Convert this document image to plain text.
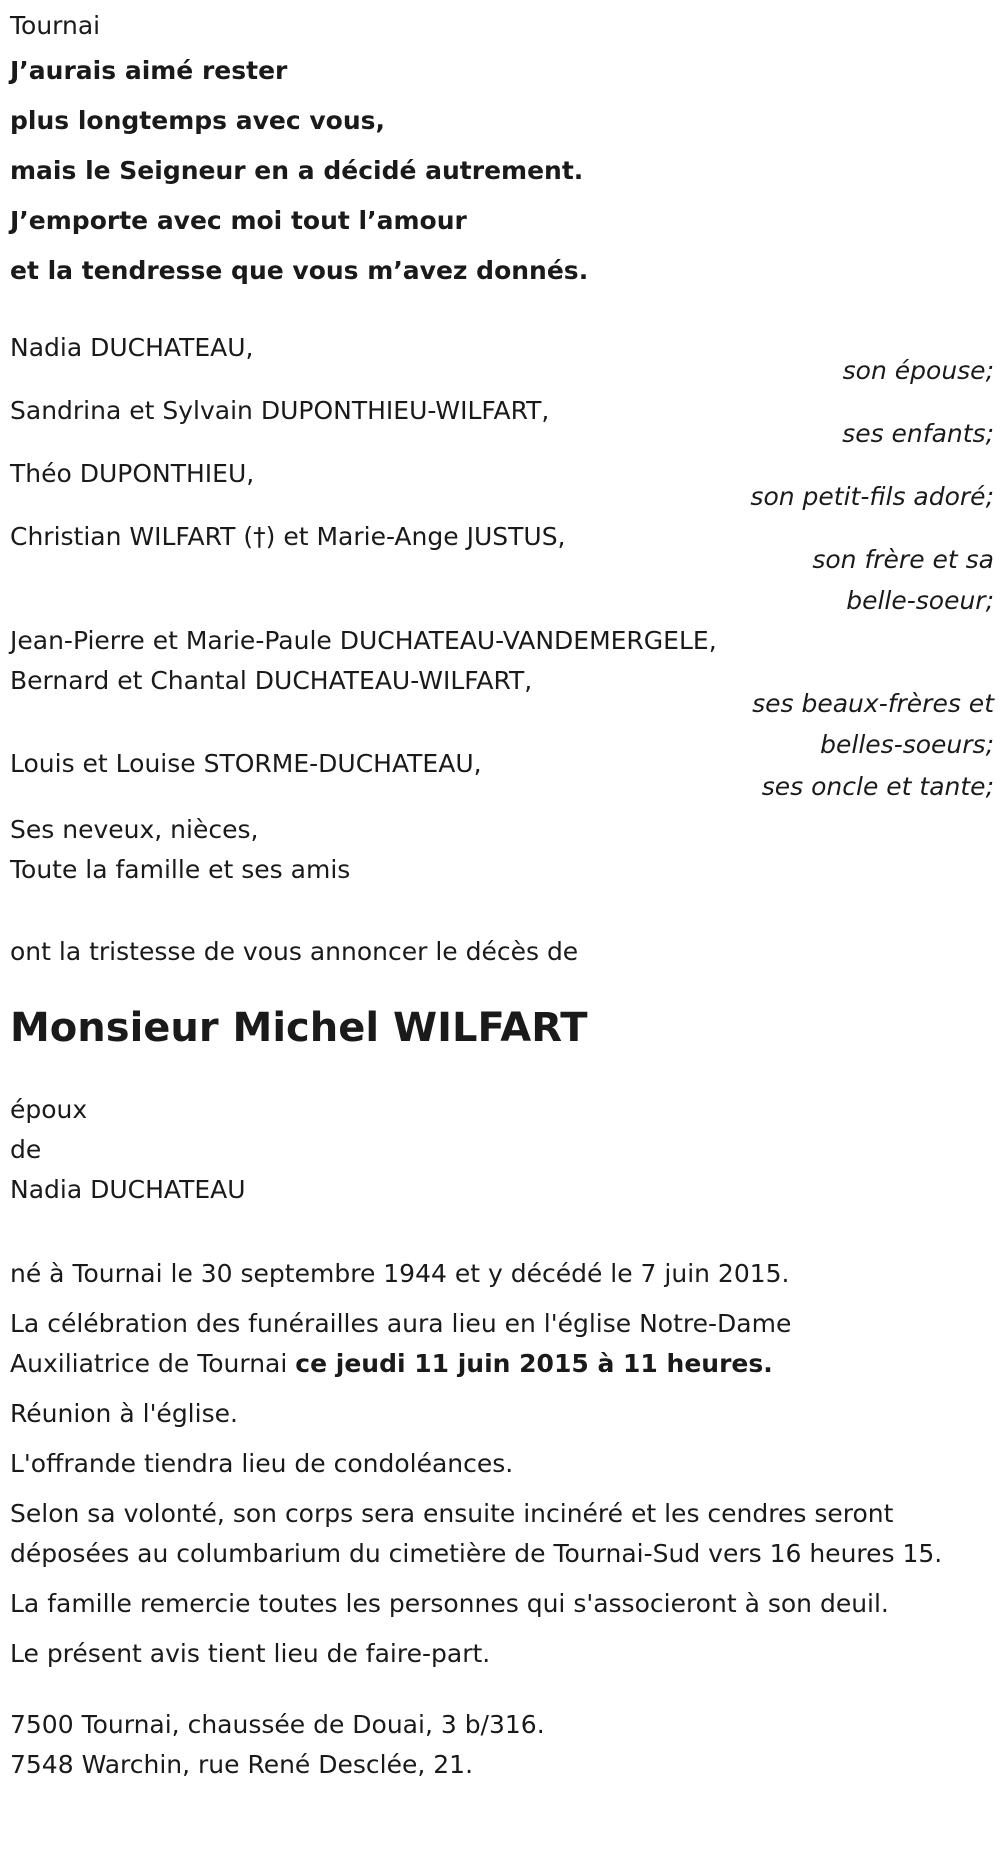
Tournai
J’aurais aimé rester
plus longtemps avec vous,
mais le Seigneur en a décidé autrement.
J’emporte avec moi tout l’amour
et la tendresse que vous m’avez donnés.
Nadia DUCHATEAU,
son épouse;
Sandrina et Sylvain DUPONTHIEU-WILFART,
ses enfants;
Théo DUPONTHIEU,
son petit-fils adoré;
Christian WILFART (†) et Marie-Ange JUSTUS,
son frère et sa
belle-soeur;
Jean-Pierre et Marie-Paule DUCHATEAU-VANDEMERGELE,
Bernard et Chantal DUCHATEAU-WILFART,
ses beaux-frères et
belles-soeurs;
Louis et Louise STORME-DUCHATEAU,
ses oncle et tante;
Ses neveux, nièces,
Toute la famille et ses amis
ont la tristesse de vous annoncer le décès de
Monsieur Michel WILFART
époux
de
Nadia DUCHATEAU
né à Tournai le 30 septembre 1944 et y décédé le 7 juin 2015.
La célébration des funérailles aura lieu en l'église Notre-Dame
Auxiliatrice de Tournai ce jeudi 11 juin 2015 à 11 heures.
Réunion à l'église.
L'offrande tiendra lieu de condoléances.
Selon sa volonté, son corps sera ensuite incinéré et les cendres seront déposées au columbarium du cimetière de Tournai-Sud vers 16 heures 15.
La famille remercie toutes les personnes qui s'associeront à son deuil.
Le présent avis tient lieu de faire-part.
7500 Tournai, chaussée de Douai, 3 b/316.
7548 Warchin, rue René Desclée, 21.
